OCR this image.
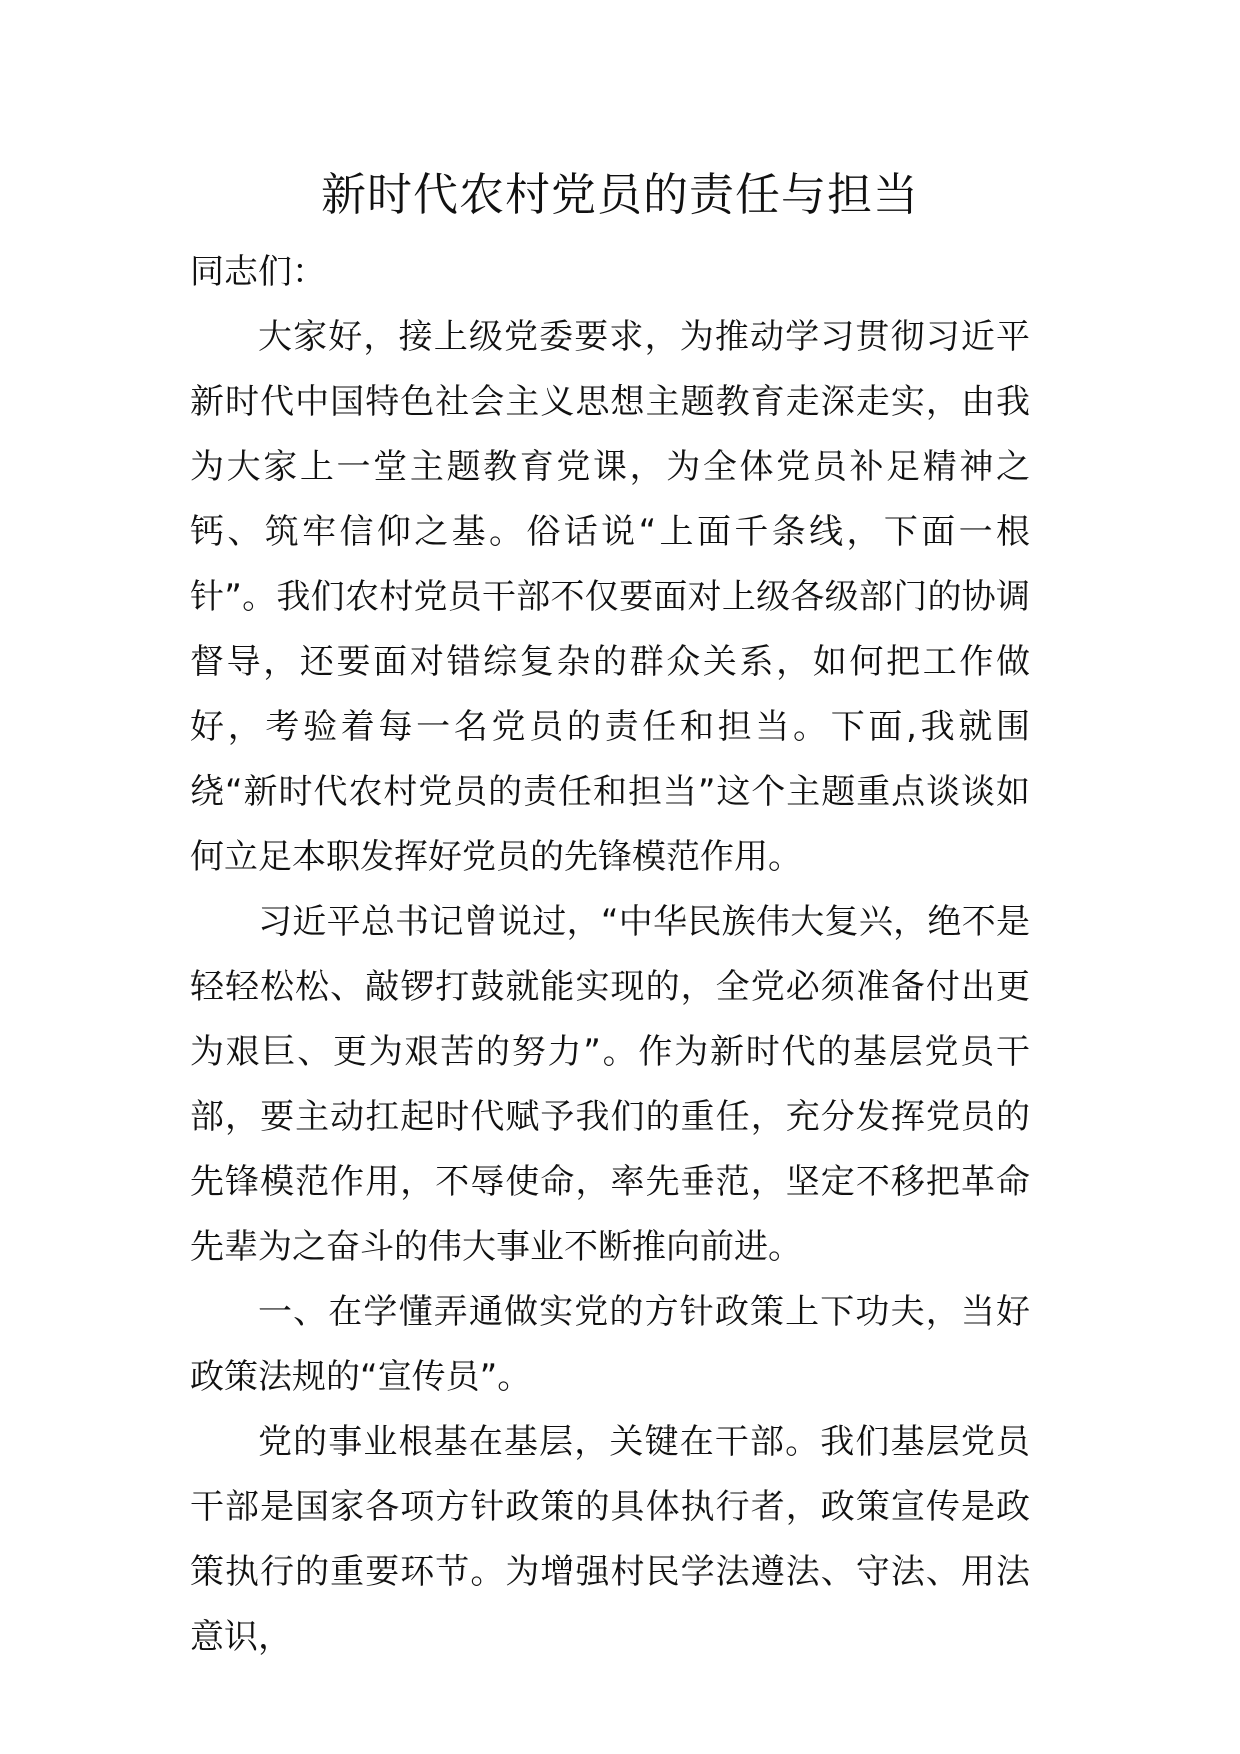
新时代农村党员的责任与担当

同志们：

大家好，接上级党委要求，为推动学习贯彻习近平新时代中国特色社会主义思想主题教育走深走实，由我为大家上一堂主题教育党课，为全体党员补足精神之钙、筑牢信仰之基。俗话说“上面千条线，下面一根针”。我们农村党员干部不仅要面对上级各级部门的协调督导，还要面对错综复杂的群众关系，如何把工作做好，考验着每一名党员的责任和担当。下面,我就围绕“新时代农村党员的责任和担当”这个主题重点谈谈如何立足本职发挥好党员的先锋模范作用。

习近平总书记曾说过，“中华民族伟大复兴，绝不是轻轻松松、敲锣打鼓就能实现的，全党必须准备付出更为艰巨、更为艰苦的努力”。作为新时代的基层党员干部，要主动扛起时代赋予我们的重任，充分发挥党员的先锋模范作用，不辱使命，率先垂范，坚定不移把革命先辈为之奋斗的伟大事业不断推向前进。

一、在学懂弄通做实党的方针政策上下功夫，当好政策法规的“宣传员”。

党的事业根基在基层，关键在干部。我们基层党员干部是国家各项方针政策的具体执行者，政策宣传是政策执行的重要环节。为增强村民学法遵法、守法、用法意识，
